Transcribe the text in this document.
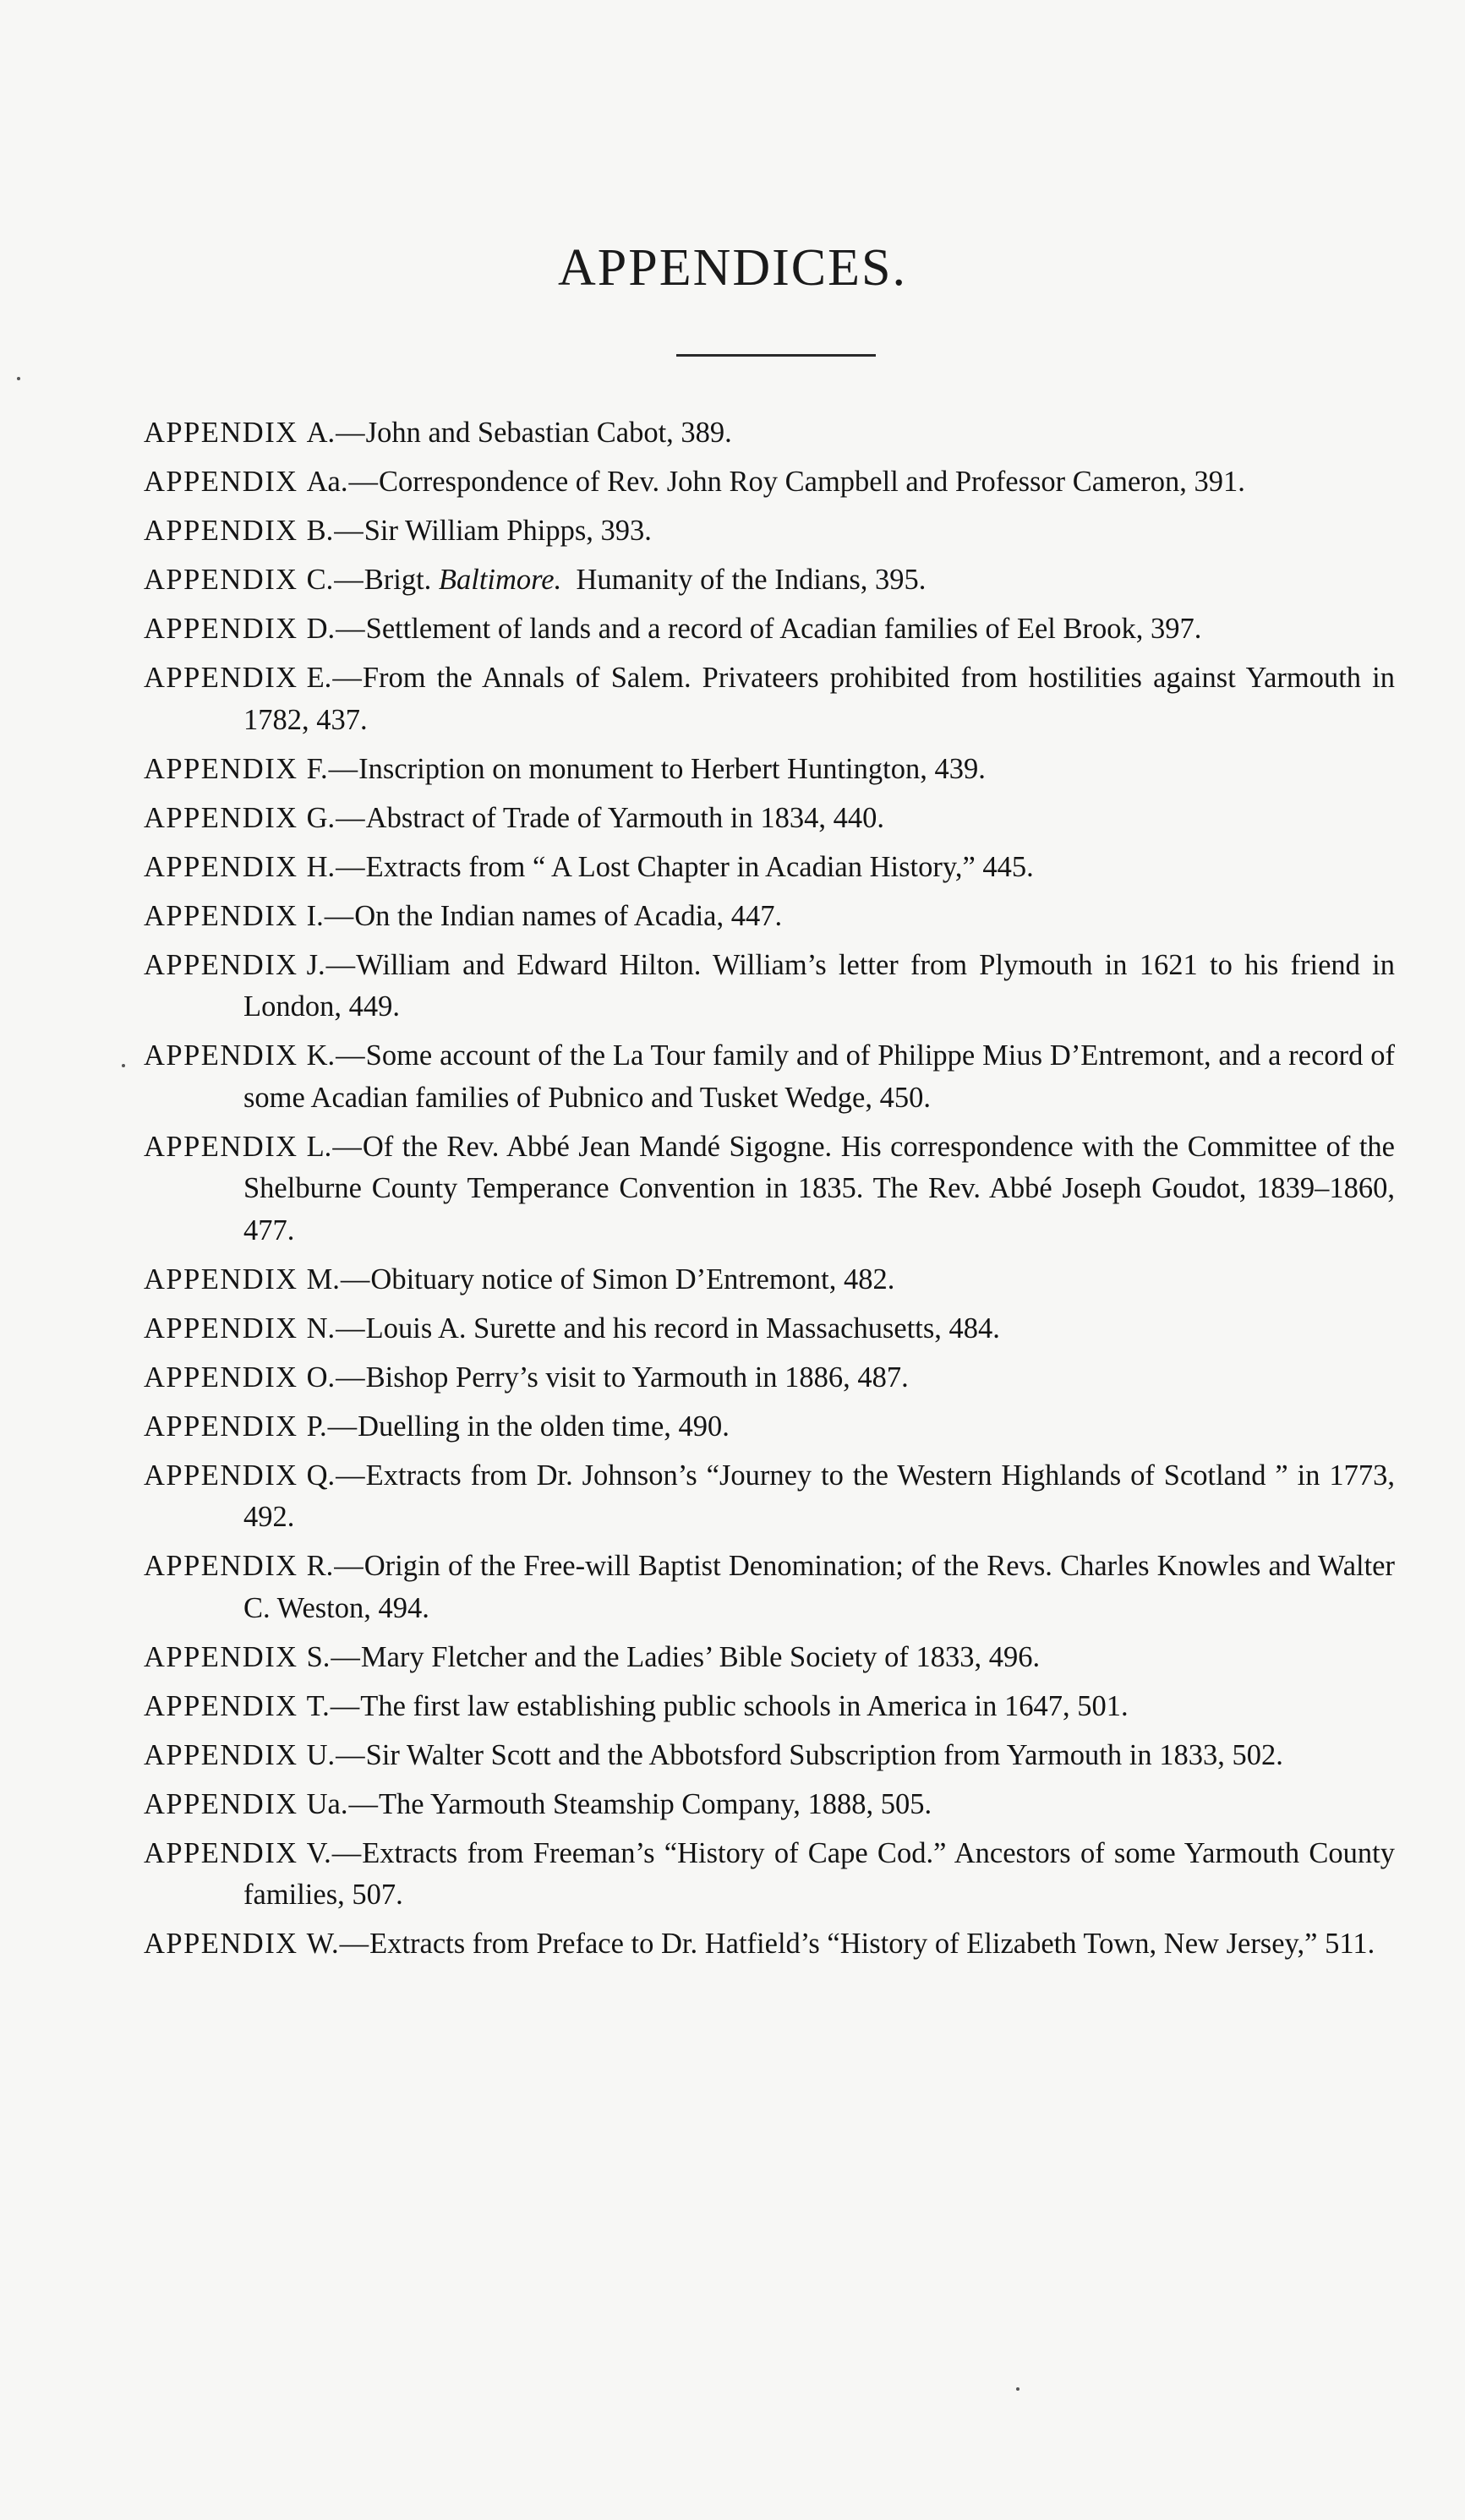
APPENDICES.
APPENDIX A.—John and Sebastian Cabot, 389.
APPENDIX Aa.—Correspondence of Rev. John Roy Campbell and Professor Cameron, 391.
APPENDIX B.—Sir William Phipps, 393.
APPENDIX C.—Brigt. Baltimore.  Humanity of the Indians, 395.
APPENDIX D.—Settlement of lands and a record of Acadian families of Eel Brook, 397.
APPENDIX E.—From the Annals of Salem. Privateers prohibited from hostilities against Yarmouth in 1782, 437.
APPENDIX F.—Inscription on monument to Herbert Huntington, 439.
APPENDIX G.—Abstract of Trade of Yarmouth in 1834, 440.
APPENDIX H.—Extracts from “ A Lost Chapter in Acadian History,” 445.
APPENDIX I.—On the Indian names of Acadia, 447.
APPENDIX J.—William and Edward Hilton. William’s letter from Plymouth in 1621 to his friend in London, 449.
APPENDIX K.—Some account of the La Tour family and of Philippe Mius D’Entremont, and a record of some Acadian families of Pubnico and Tusket Wedge, 450.
APPENDIX L.—Of the Rev. Abbé Jean Mandé Sigogne. His correspondence with the Committee of the Shelburne County Temperance Convention in 1835. The Rev. Abbé Joseph Goudot, 1839–1860, 477.
APPENDIX M.—Obituary notice of Simon D’Entremont, 482.
APPENDIX N.—Louis A. Surette and his record in Massachusetts, 484.
APPENDIX O.—Bishop Perry’s visit to Yarmouth in 1886, 487.
APPENDIX P.—Duelling in the olden time, 490.
APPENDIX Q.—Extracts from Dr. Johnson’s “Journey to the Western Highlands of Scotland ” in 1773, 492.
APPENDIX R.—Origin of the Free-will Baptist Denomination; of the Revs. Charles Knowles and Walter C. Weston, 494.
APPENDIX S.—Mary Fletcher and the Ladies’ Bible Society of 1833, 496.
APPENDIX T.—The first law establishing public schools in America in 1647, 501.
APPENDIX U.—Sir Walter Scott and the Abbotsford Subscription from Yarmouth in 1833, 502.
APPENDIX Ua.—The Yarmouth Steamship Company, 1888, 505.
APPENDIX V.—Extracts from Freeman’s “History of Cape Cod.” Ancestors of some Yarmouth County families, 507.
APPENDIX W.—Extracts from Preface to Dr. Hatfield’s “History of Elizabeth Town, New Jersey,” 511.
